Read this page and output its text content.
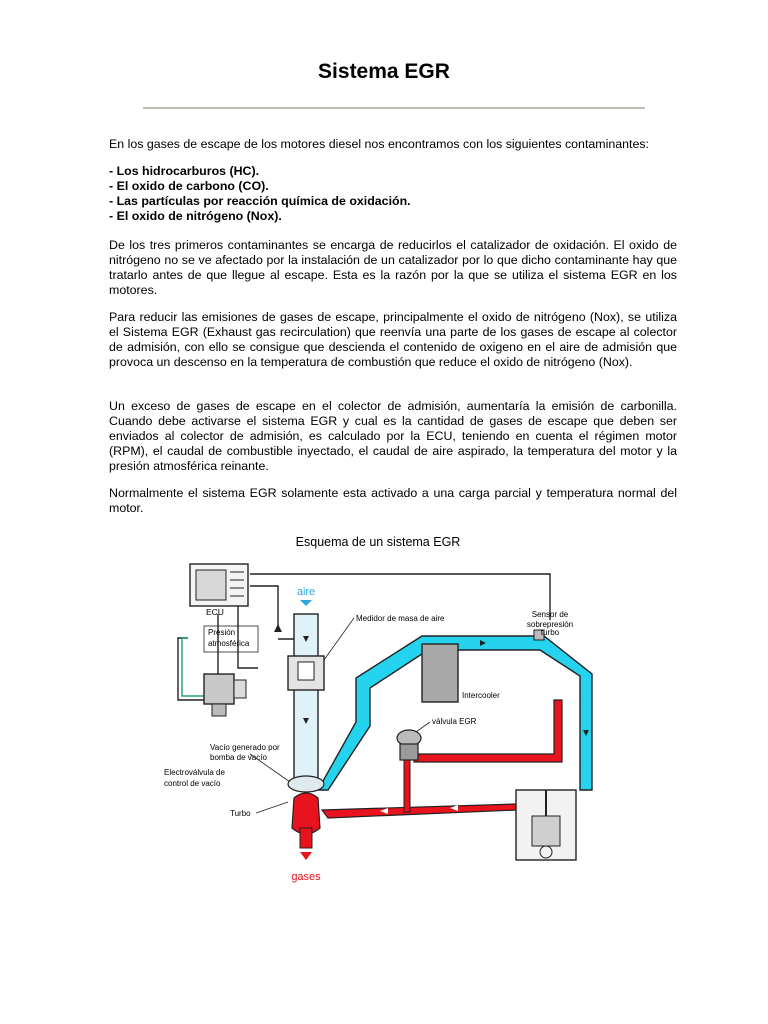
Sistema EGR

En los gases de escape de los motores diesel nos encontramos con los siguientes contaminantes:

- Los hidrocarburos (HC).
- El oxido de carbono (CO).
- Las partículas por reacción química de oxidación.
- El oxido de nitrógeno (Nox).

De los tres primeros contaminantes se encarga de reducirlos el catalizador de oxidación. El oxido de nitrógeno no se ve afectado por la instalación de un catalizador por lo que dicho contaminante hay que tratarlo antes de que llegue al escape. Esta es la razón por la que se utiliza el sistema EGR en los motores.

Para reducir las emisiones de gases de escape, principalmente el oxido de nitrógeno (Nox), se utiliza el Sistema EGR (Exhaust gas recirculation) que reenvía una parte de los gases de escape al colector de admisión, con ello se consigue que descienda el contenido de oxigeno en el aire de admisión que provoca un descenso en la temperatura de combustión que reduce el oxido de nitrógeno (Nox).

Un exceso de gases de escape en el colector de admisión, aumentaría la emisión de carbonilla. Cuando debe activarse el sistema EGR y cual es la cantidad de gases de escape que deben ser enviados al colector de admisión, es calculado por la ECU, teniendo en cuenta el régimen motor (RPM), el caudal de combustible inyectado, el caudal de aire aspirado, la temperatura del motor y la presión atmosférica reinante.

Normalmente el sistema EGR solamente esta activado a una carga parcial y temperatura normal del motor.

Esquema de un sistema EGR
ECU
Presión
atmosférica
Vacío generado por
bomba de vacío
Electroválvula de
control de vacío
Turbo
aire
Medidor de masa de aire
Intercooler
Sensor de
sobrepresión
turbo
válvula EGR
gases
